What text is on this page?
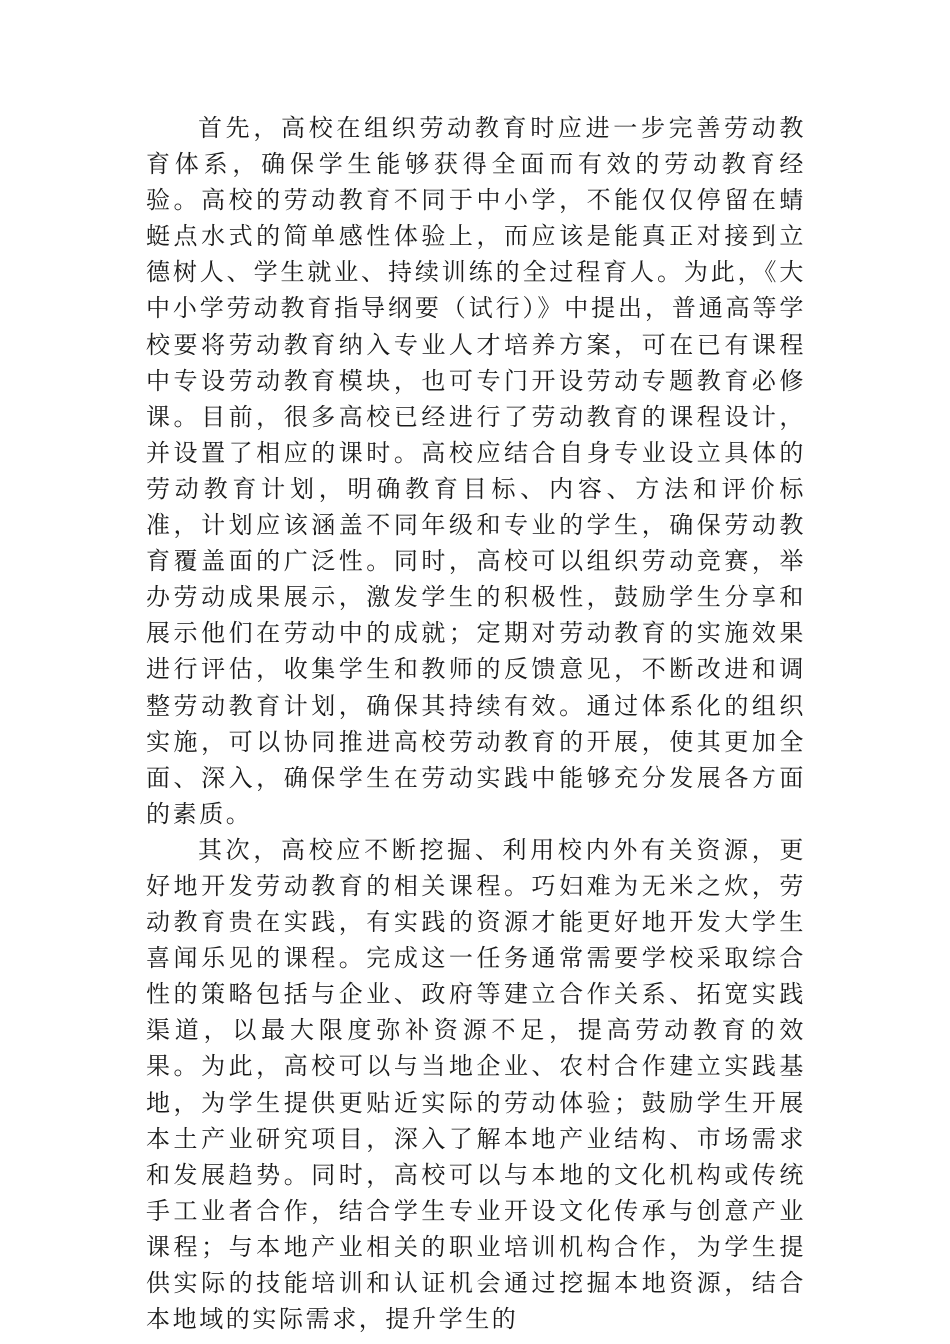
首先，高校在组织劳动教育时应进一步完善劳动教育体系，确保学生能够获得全面而有效的劳动教育经验。高校的劳动教育不同于中小学，不能仅仅停留在蜻蜓点水式的简单感性体验上，而应该是能真正对接到立德树人、学生就业、持续训练的全过程育人。为此，《大中小学劳动教育指导纲要（试行）》中提出，普通高等学校要将劳动教育纳入专业人才培养方案，可在已有课程中专设劳动教育模块，也可专门开设劳动专题教育必修课。目前，很多高校已经进行了劳动教育的课程设计，并设置了相应的课时。高校应结合自身专业设立具体的劳动教育计划，明确教育目标、内容、方法和评价标准，计划应该涵盖不同年级和专业的学生，确保劳动教育覆盖面的广泛性。同时，高校可以组织劳动竞赛，举办劳动成果展示，激发学生的积极性，鼓励学生分享和展示他们在劳动中的成就；定期对劳动教育的实施效果进行评估，收集学生和教师的反馈意见，不断改进和调整劳动教育计划，确保其持续有效。通过体系化的组织实施，可以协同推进高校劳动教育的开展，使其更加全面、深入，确保学生在劳动实践中能够充分发展各方面的素质。

其次，高校应不断挖掘、利用校内外有关资源，更好地开发劳动教育的相关课程。巧妇难为无米之炊，劳动教育贵在实践，有实践的资源才能更好地开发大学生喜闻乐见的课程。完成这一任务通常需要学校采取综合性的策略包括与企业、政府等建立合作关系、拓宽实践渠道，以最大限度弥补资源不足，提高劳动教育的效果。为此，高校可以与当地企业、农村合作建立实践基地，为学生提供更贴近实际的劳动体验；鼓励学生开展本土产业研究项目，深入了解本地产业结构、市场需求和发展趋势。同时，高校可以与本地的文化机构或传统手工业者合作，结合学生专业开设文化传承与创意产业课程；与本地产业相关的职业培训机构合作，为学生提供实际的技能培训和认证机会通过挖掘本地资源，结合本地域的实际需求，提升学生的
